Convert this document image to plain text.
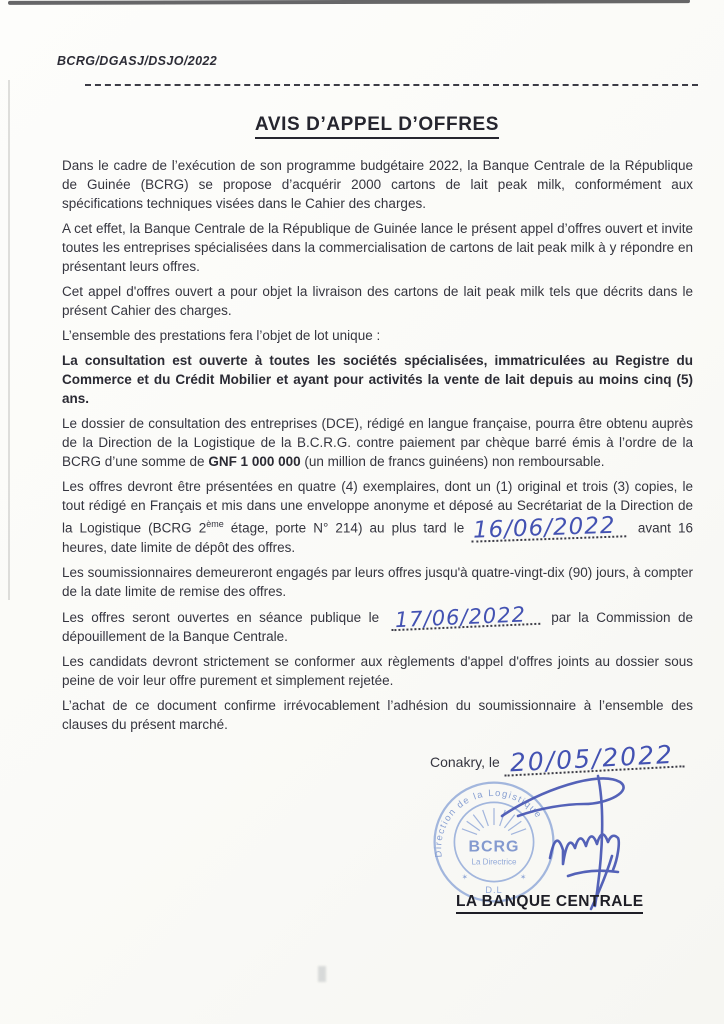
BCRG/DGASJ/DSJO/2022
AVIS D’APPEL D’OFFRES

Dans le cadre de l’exécution de son programme budgétaire 2022, la Banque Centrale de la République de Guinée (BCRG) se propose d’acquérir 2000 cartons de lait peak milk, conformément aux spécifications techniques visées dans le Cahier des charges.

A cet effet, la Banque Centrale de la République de Guinée lance le présent appel d’offres ouvert et invite toutes les entreprises spécialisées dans la commercialisation de cartons de lait peak milk à y répondre en présentant leurs offres.

Cet appel d'offres ouvert a pour objet la livraison des cartons de lait peak milk tels que décrits dans le présent Cahier des charges.

L’ensemble des prestations fera l’objet de lot unique :

La consultation est ouverte à toutes les sociétés spécialisées, immatriculées au Registre du Commerce et du Crédit Mobilier et ayant pour activités la vente de lait depuis au moins cinq (5) ans.

Le dossier de consultation des entreprises (DCE), rédigé en langue française, pourra être obtenu auprès de la Direction de la Logistique de la B.C.R.G. contre paiement par chèque barré émis à l’ordre de la BCRG d’une somme de GNF 1 000 000 (un million de francs guinéens) non remboursable.

Les offres devront être présentées en quatre (4) exemplaires, dont un (1) original et trois (3) copies, le tout rédigé en Français et mis dans une enveloppe anonyme et déposé au Secrétariat de la Direction de la Logistique (BCRG 2ème étage, porte N° 214) au plus tard le 16/06/2022 avant 16 heures, date limite de dépôt des offres.

Les soumissionnaires demeureront engagés par leurs offres jusqu'à quatre-vingt-dix (90) jours, à compter de la date limite de remise des offres.

Les offres seront ouvertes en séance publique le 17/06/2022 par la Commission de dépouillement de la Banque Centrale.

Les candidats devront strictement se conformer aux règlements d'appel d'offres joints au dossier sous peine de voir leur offre purement et simplement rejetée.

L’achat de ce document confirme irrévocablement l’adhésion du soumissionnaire à l’ensemble des clauses du présent marché.

Conakry, le 20/05/2022
Direction de la Logistique
BCRG
La Directrice
✶
D.L
✶
LA BANQUE CENTRALE
